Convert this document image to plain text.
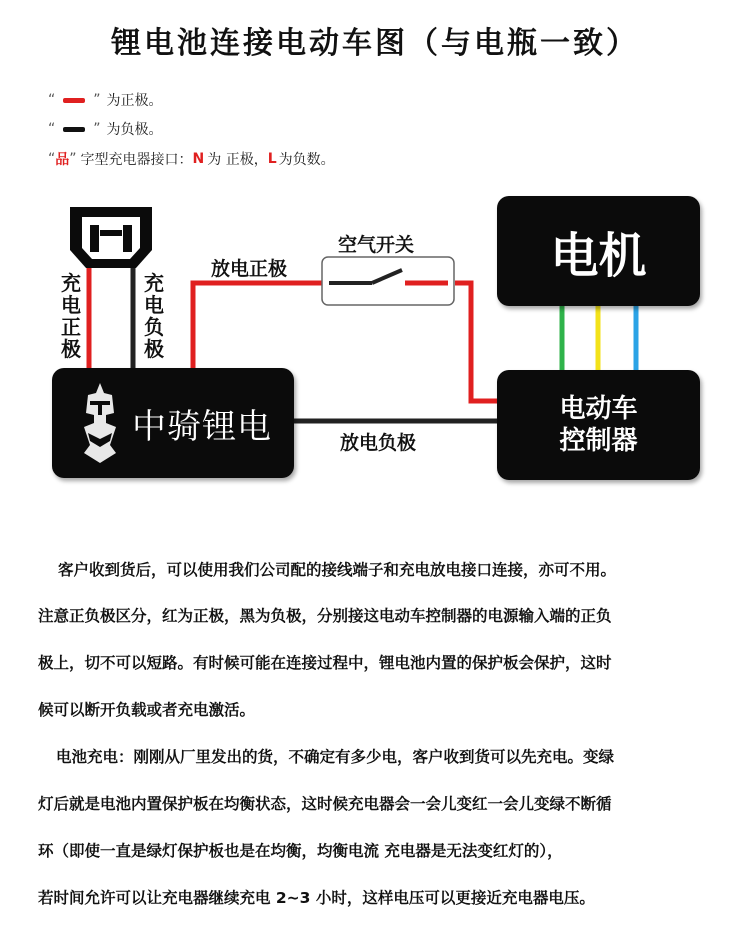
锂电池连接电动车图（与电瓶一致）
“	” 为正极。
“	” 为负极。
“ 品 ” 字型充电器接口： N 为 正极， L 为负数。
空气开关
放电正极
放电负极
充电正极
充电负极
电机
电动车
控制器
中骑锂电
客户收到货后，可以使用我们公司配的接线端子和充电放电接口连接，亦可不用。
注意正负极区分，红为正极，黑为负极，分别接这电动车控制器的电源输入端的正负
极上，切不可以短路。有时候可能在连接过程中，锂电池内置的保护板会保护，这时
候可以断开负载或者充电激活。
电池充电：刚刚从厂里发出的货，不确定有多少电，客户收到货可以先充电。变绿
灯后就是电池内置保护板在均衡状态，这时候充电器会一会儿变红一会儿变绿不断循
环（即使一直是绿灯保护板也是在均衡，均衡电流 充电器是无法变红灯的），
若时间允许可以让充电器继续充电 2~3 小时，这样电压可以更接近充电器电压。
